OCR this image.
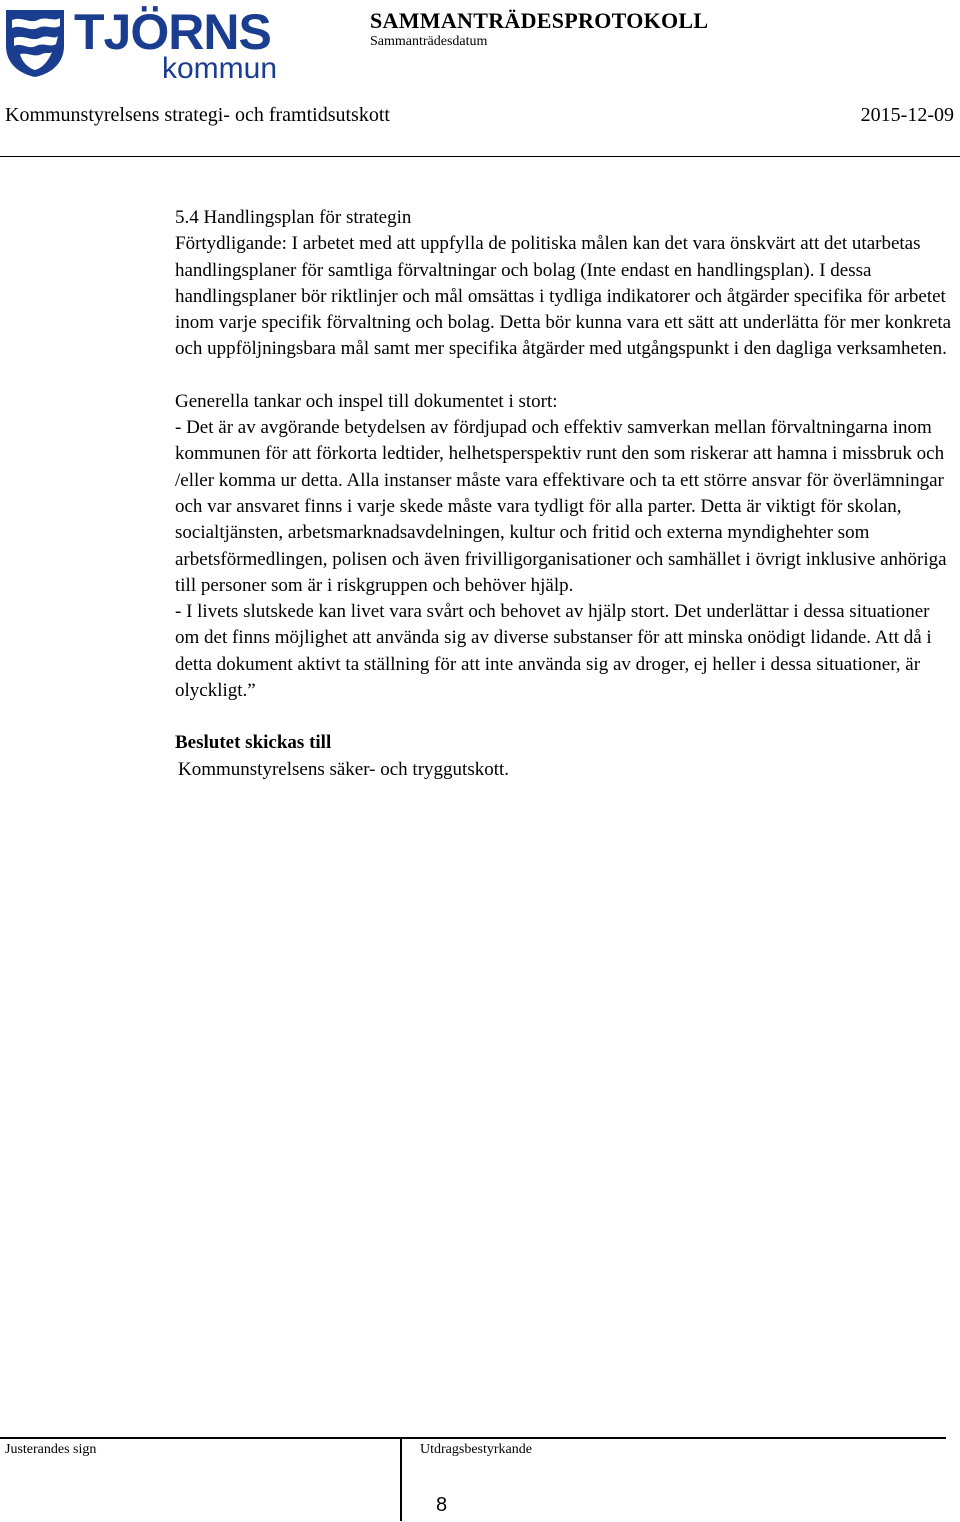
TJÖRNS
kommun
SAMMANTRÄDESPROTOKOLL
Sammanträdesdatum
Kommunstyrelsens strategi- och framtidsutskott	2015-12-09

5.4 Handlingsplan för strategin

Förtydligande: I arbetet med att uppfylla de politiska målen kan det vara önskvärt att det utarbetas handlingsplaner för samtliga förvaltningar och bolag (Inte endast en handlingsplan). I dessa handlingsplaner bör riktlinjer och mål omsättas i tydliga indikatorer och åtgärder specifika för arbetet inom varje specifik förvaltning och bolag. Detta bör kunna vara ett sätt att underlätta för mer konkreta och uppföljningsbara mål samt mer specifika åtgärder med utgångspunkt i den dagliga verksamheten.

Generella tankar och inspel till dokumentet i stort:

- Det är av avgörande betydelsen av fördjupad och effektiv samverkan mellan förvaltningarna inom kommunen för att förkorta ledtider, helhetsperspektiv runt den som riskerar att hamna i missbruk och /eller komma ur detta. Alla instanser måste vara effektivare och ta ett större ansvar för överlämningar och var ansvaret finns i varje skede måste vara tydligt för alla parter. Detta är viktigt för skolan, socialtjänsten, arbetsmarknadsavdelningen, kultur och fritid och externa myndighehter som arbetsförmedlingen, polisen och även frivilligorganisationer och samhället i övrigt inklusive anhöriga till personer som är i riskgruppen och behöver hjälp.

- I livets slutskede kan livet vara svårt och behovet av hjälp stort. Det underlättar i dessa situationer om det finns möjlighet att använda sig av diverse substanser för att minska onödigt lidande. Att då i detta dokument aktivt ta ställning för att inte använda sig av droger, ej heller i dessa situationer, är olyckligt.”

Beslutet skickas till

Kommunstyrelsens säker- och tryggutskott.

Justerandes sign	Utdragsbestyrkande
8
